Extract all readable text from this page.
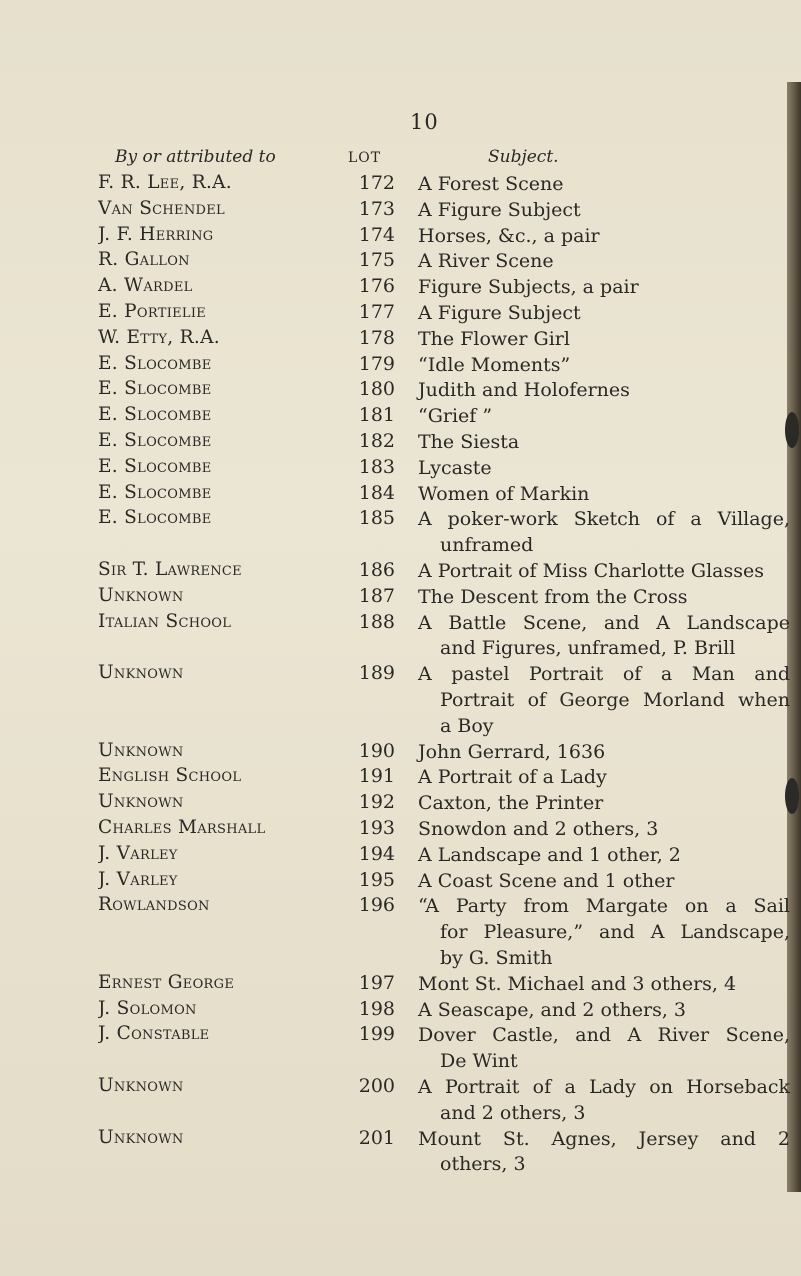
10
By or attributed to	LOT	Subject.
F. R. Lee, R.A.	172 A Forest Scene
Van Schendel	173 A Figure Subject
J. F. Herring	174 Horses, &c., a pair
R. Gallon	175 A River Scene
A. Wardel	176 Figure Subjects, a pair
E. Portielie	177 A Figure Subject
W. Etty, R.A.	178 The Flower Girl
E. Slocombe	179 “Idle Moments”
E. Slocombe	180 Judith and Holofernes
E. Slocombe	181 “Grief ”
E. Slocombe	182 The Siesta
E. Slocombe	183 Lycaste
E. Slocombe	184 Women of Markin
E. Slocombe	185 A poker-work Sketch of a Village,
unframed
Sir T. Lawrence	186 A Portrait of Miss Charlotte Glasses
Unknown	187 The Descent from the Cross
Italian School	188 A Battle Scene, and A Landscape
and Figures, unframed, P. Brill
Unknown	189 A pastel Portrait of a Man and
Portrait of George Morland when
a Boy
Unknown	190 John Gerrard, 1636
English School	191 A Portrait of a Lady
Unknown	192 Caxton, the Printer
Charles Marshall	193 Snowdon and 2 others, 3
J. Varley	194 A Landscape and 1 other, 2
J. Varley	195 A Coast Scene and 1 other
Rowlandson	196 “A Party from Margate on a Sail
for Pleasure,” and A Landscape,
by G. Smith
Ernest George	197 Mont St. Michael and 3 others, 4
J. Solomon	198 A Seascape, and 2 others, 3
J. Constable	199 Dover Castle, and A River Scene,
De Wint
Unknown	200 A Portrait of a Lady on Horseback
and 2 others, 3
Unknown	201 Mount St. Agnes, Jersey and 2
others, 3
